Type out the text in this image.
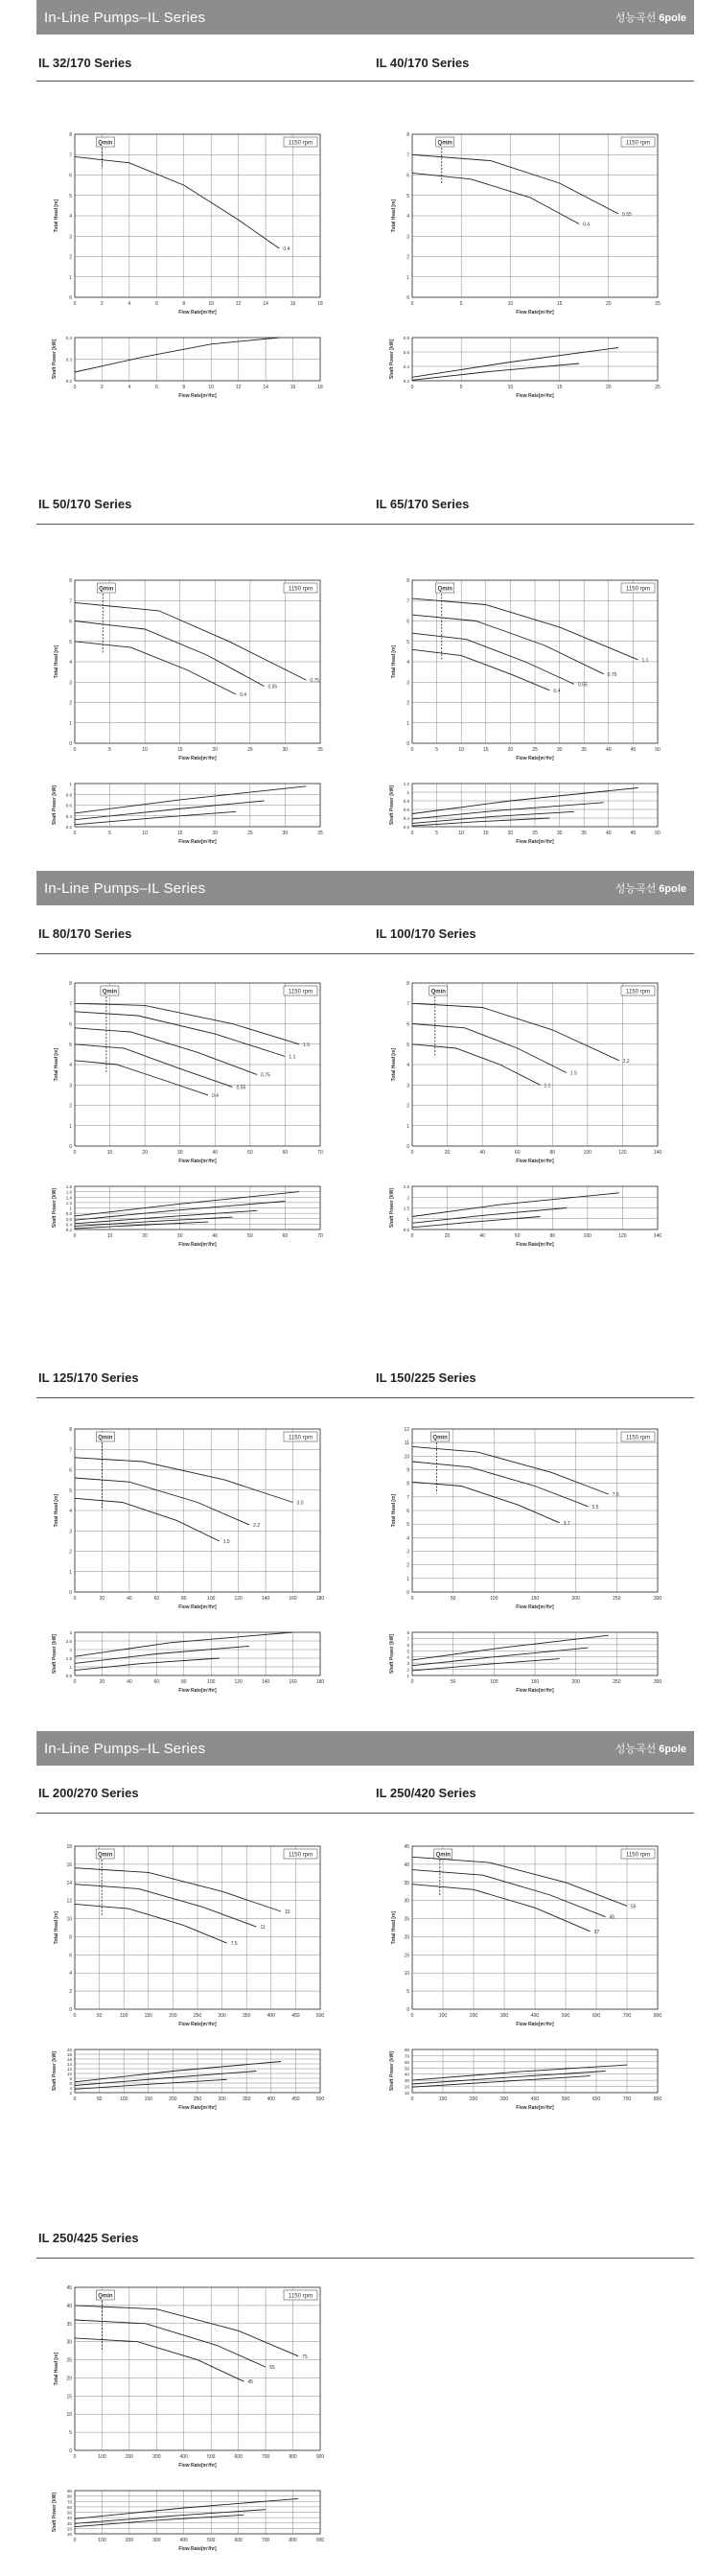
In-Line Pumps–IL Series	성능곡선 6pole
In-Line Pumps–IL Series	성능곡선 6pole
In-Line Pumps–IL Series	성능곡선 6pole
IL 32/170 Series	IL 40/170 Series
IL 50/170 Series	IL 65/170 Series
IL 80/170 Series	IL 100/170 Series
IL 125/170 Series	IL 150/225 Series
IL 200/270 Series	IL 250/420 Series
IL 250/425 Series
0
1
2
3
4
5
6
7
8
0	2	4	6	8	10	12	14	16	18
Flow Rate[m³/hr]
Total Head [m]
1150 rpm
Qmin
0.4
0.2
0.3
0.4
0	2	4	6	8	10	12	14	16	18
Flow Rate[m³/hr]
Shaft Power [kW]
0
1
2
3
4
5
6
7
8
0	5	10	15	20	25
Flow Rate[m³/hr]
Total Head [m]
1150 rpm
Qmin
0.55
0.4
0.2
0.4
0.6
0.8
0	5	10	15	20	25
Flow Rate[m³/hr]
Shaft Power [kW]
0
1
2
3
4
5
6
7
8
0	5	10	15	20	25	30	35
Flow Rate[m³/hr]
Total Head [m]
1150 rpm
Qmin
0.75
0.55
0.4
0.2
0.4
0.6
0.8
1
0	5	10	15	20	25	30	35
Flow Rate[m³/hr]
Shaft Power [kW]
0
1
2
3
4
5
6
7
8
0	5	10	15	20	25	30	35	40	45	50
Flow Rate[m³/hr]
Total Head [m]
1150 rpm
Qmin
1.1
0.75
0.55
0.4
0.2
0.4
0.6
0.8
1
1.2
0	5	10	15	20	25	30	35	40	45	50
Flow Rate[m³/hr]
Shaft Power [kW]
0
1
2
3
4
5
6
7
8
0	10	20	30	40	50	60	70
Flow Rate[m³/hr]
Total Head [m]
1150 rpm
Qmin
1.5
1.1
0.75
0.55
0.4
0.2
0.4
0.6
0.8
1
1.2
1.4
1.6
1.8
0	10	20	30	40	50	60	70
Flow Rate[m³/hr]
Shaft Power [kW]
0
1
2
3
4
5
6
7
8
0	20	40	60	80	100	120	140
Flow Rate[m³/hr]
Total Head [m]
1150 rpm
Qmin
2.2
1.5
1.1
0.5
1
1.5
2
2.5
0	20	40	60	80	100	120	140
Flow Rate[m³/hr]
Shaft Power [kW]
0
1
2
3
4
5
6
7
8
0	20	40	60	80	100	120	140	160	180
Flow Rate[m³/hr]
Total Head [m]
1150 rpm
Qmin
3.0
2.2
1.5
0.5
1
1.5
2
2.5
3
0	20	40	60	80	100	120	140	160	180
Flow Rate[m³/hr]
Shaft Power [kW]
0
1
2
3
4
5
6
7
8
9
10
11
12
0	50	100	150	200	250	300
Flow Rate[m³/hr]
Total Head [m]
1150 rpm
Qmin
7.5
5.5
3.7
1
2
3
4
5
6
7
8
0	50	100	150	200	250	300
Flow Rate[m³/hr]
Shaft Power [kW]
0
2
4
6
8
10
12
14
16
18
0	50	100	150	200	250	300	350	400	450	500
Flow Rate[m³/hr]
Total Head [m]
1150 rpm
Qmin
15
11
7.5
2
4
6
8
10
12
14
16
18
20
0	50	100	150	200	250	300	350	400	450	500
Flow Rate[m³/hr]
Shaft Power [kW]
0
5
10
15
20
25
30
35
40
45
0	100	200	300	400	500	600	700	800
Flow Rate[m³/hr]
Total Head [m]
1150 rpm
Qmin
55
45
37
10
20
30
40
50
60
70
80
0	100	200	300	400	500	600	700	800
Flow Rate[m³/hr]
Shaft Power [kW]
0
5
10
15
20
25
30
35
40
45
0	100	200	300	400	500	600	700	800	900
Flow Rate[m³/hr]
Total Head [m]
1150 rpm
Qmin
75
55
45
10
20
30
40
50
60
70
80
90
0	100	200	300	400	500	600	700	800	900
Flow Rate[m³/hr]
Shaft Power [kW]
